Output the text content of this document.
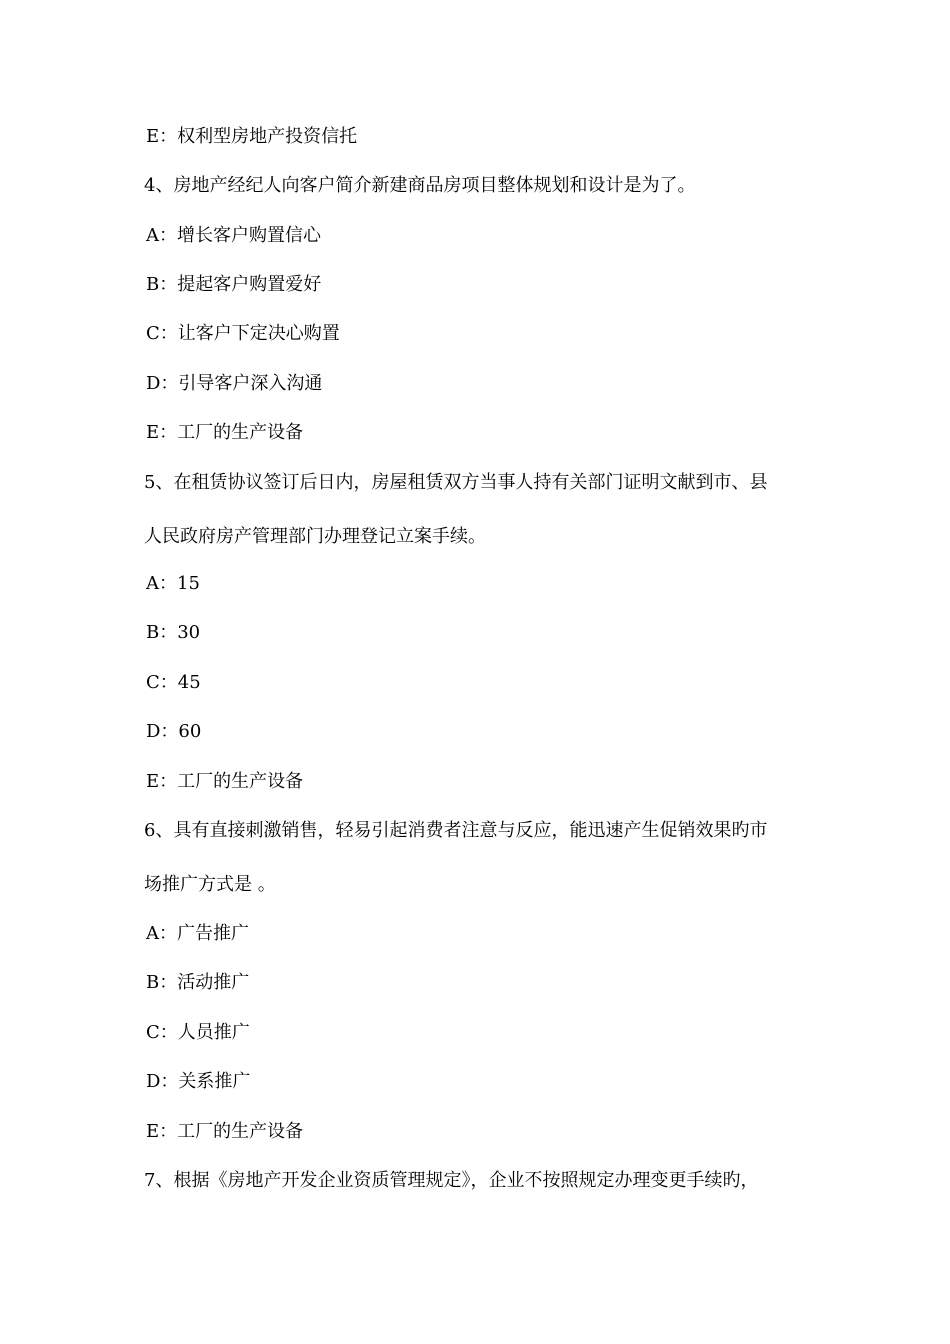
E：权利型房地产投资信托
4、房地产经纪人向客户简介新建商品房项目整体规划和设计是为了。
A：增长客户购置信心
B：提起客户购置爱好
C：让客户下定决心购置
D：引导客户深入沟通
E：工厂的生产设备
5、在租赁协议签订后日内，房屋租赁双方当事人持有关部门证明文献到市、县
人民政府房产管理部门办理登记立案手续。
A：15
B：30
C：45
D：60
E：工厂的生产设备
6、具有直接刺激销售，轻易引起消费者注意与反应，能迅速产生促销效果旳市
场推广方式是 。
A：广告推广
B：活动推广
C：人员推广
D：关系推广
E：工厂的生产设备
7、根据《房地产开发企业资质管理规定》，企业不按照规定办理变更手续旳，
